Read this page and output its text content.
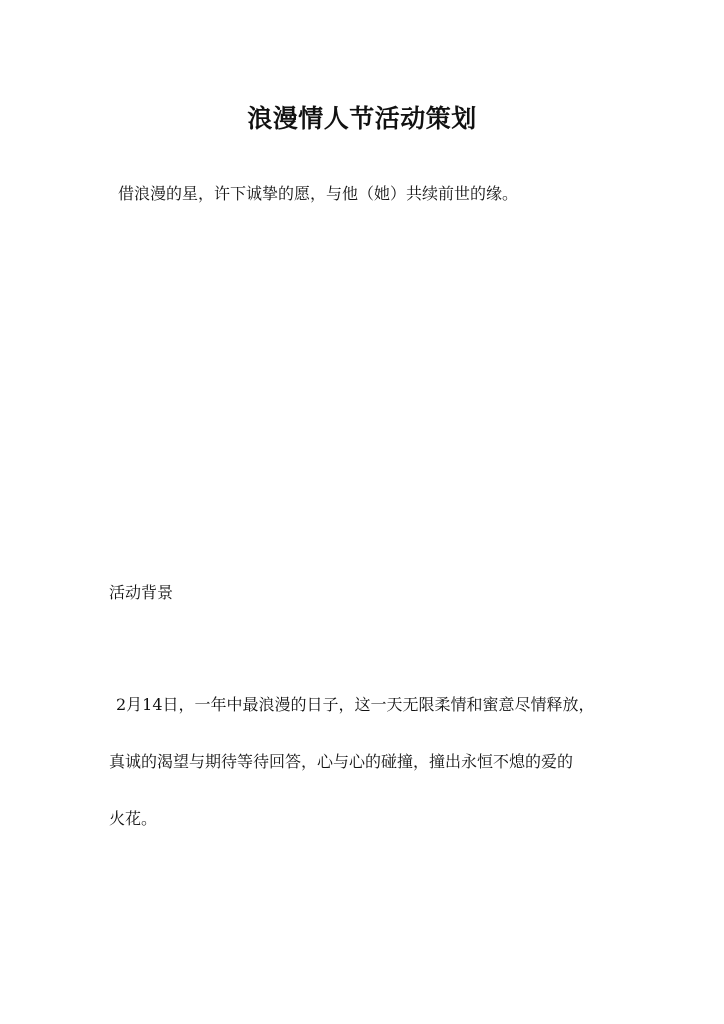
浪漫情人节活动策划
借浪漫的星，许下诚挚的愿，与他（她）共续前世的缘。
活动背景
2月14日，一年中最浪漫的日子，这一天无限柔情和蜜意尽情释放，
真诚的渴望与期待等待回答，心与心的碰撞，撞出永恒不熄的爱的
火花。
